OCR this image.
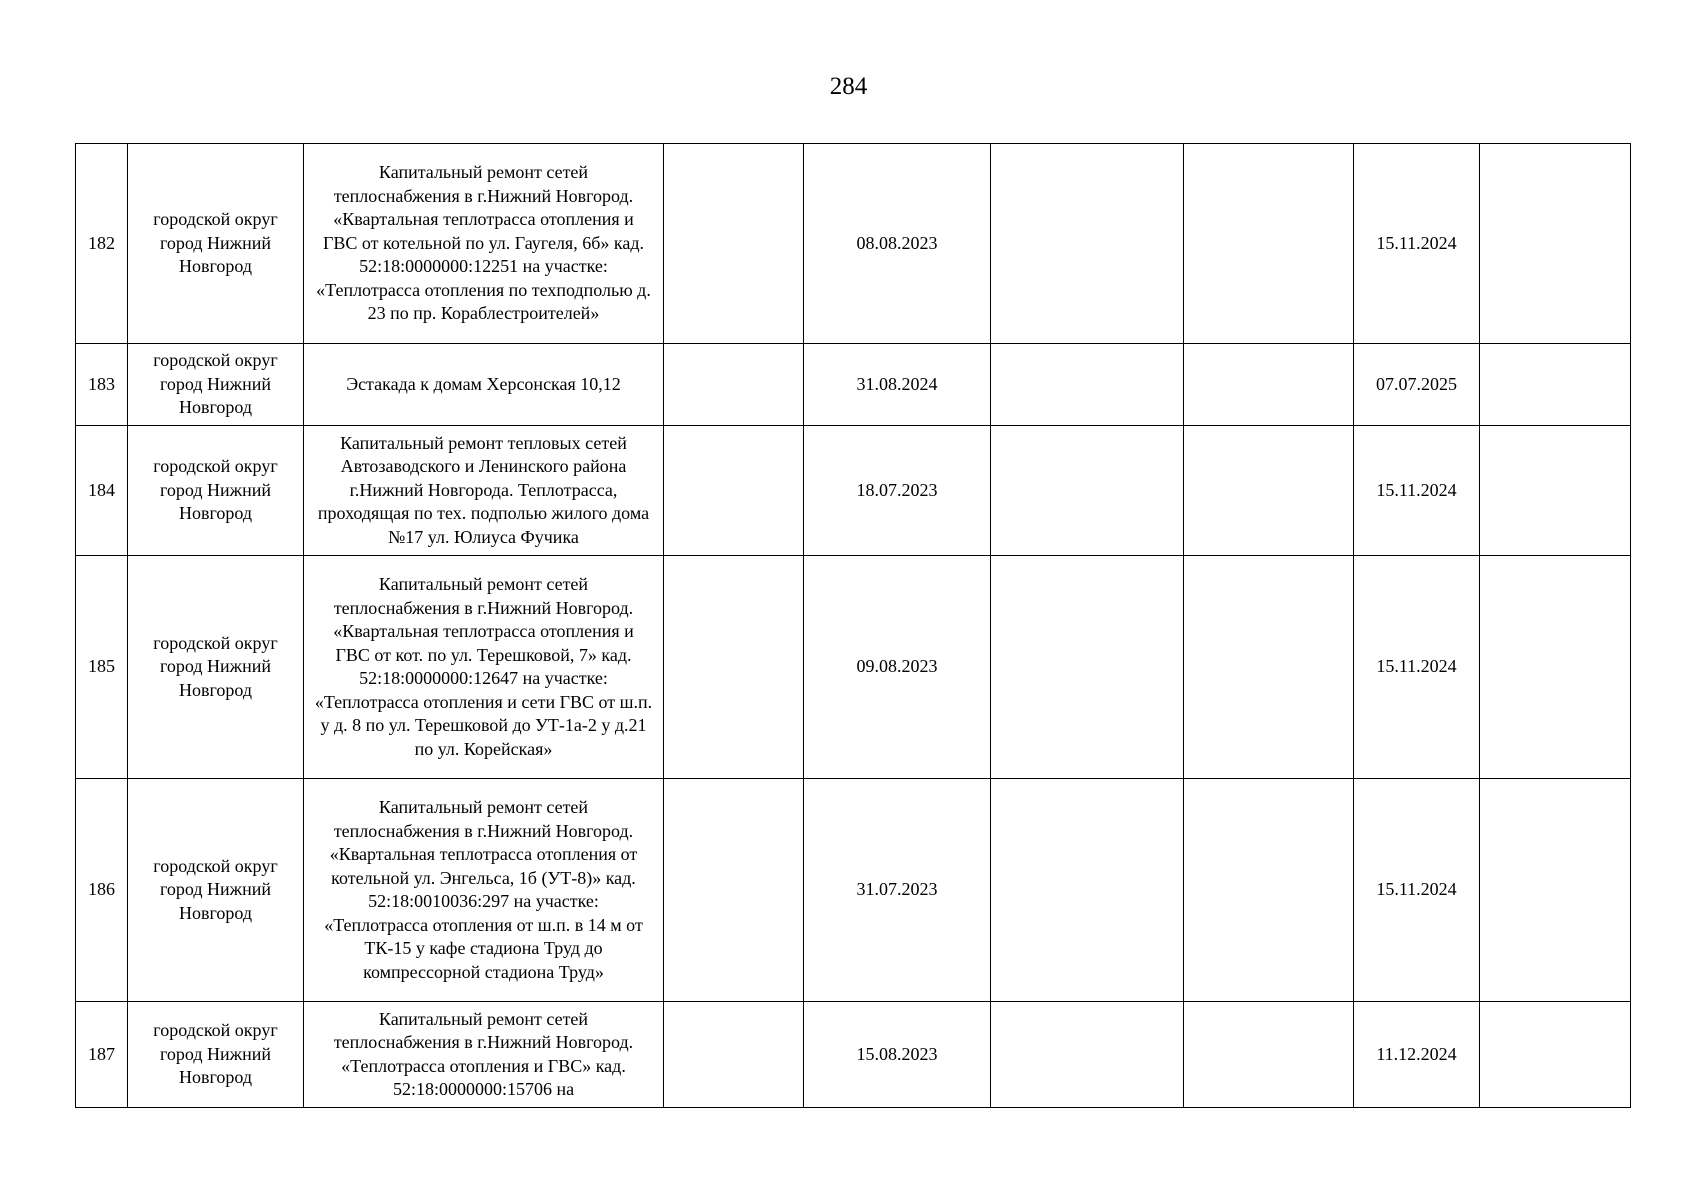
284
182	городской округ город Нижний Новгород	Капитальный ремонт сетей теплоснабжения в г.Нижний Новгород. «Квартальная теплотрасса отопления и ГВС от котельной по ул. Гаугеля, 6б» кад. 52:18:0000000:12251 на участке: «Теплотрасса отопления по техподполью д. 23 по пр. Кораблестроителей»		08.08.2023			15.11.2024	
183	городской округ город Нижний Новгород	Эстакада к домам Херсонская 10,12		31.08.2024			07.07.2025	
184	городской округ город Нижний Новгород	Капитальный ремонт тепловых сетей Автозаводского и Ленинского района г.Нижний Новгорода. Теплотрасса, проходящая по тех. подполью жилого дома №17 ул. Юлиуса Фучика		18.07.2023			15.11.2024	
185	городской округ город Нижний Новгород	Капитальный ремонт сетей теплоснабжения в г.Нижний Новгород. «Квартальная теплотрасса отопления и ГВС от кот. по ул. Терешковой, 7» кад. 52:18:0000000:12647 на участке: «Теплотрасса отопления и сети ГВС от ш.п. у д. 8 по ул. Терешковой до УТ-1а-2 у д.21 по ул. Корейская»		09.08.2023			15.11.2024	
186	городской округ город Нижний Новгород	Капитальный ремонт сетей теплоснабжения в г.Нижний Новгород. «Квартальная теплотрасса отопления от котельной ул. Энгельса, 1б (УТ-8)» кад. 52:18:0010036:297 на участке: «Теплотрасса отопления от ш.п. в 14 м от ТК-15 у кафе стадиона Труд до компрессорной стадиона Труд»		31.07.2023			15.11.2024	
187	городской округ город Нижний Новгород	Капитальный ремонт сетей теплоснабжения в г.Нижний Новгород. «Теплотрасса отопления и ГВС» кад. 52:18:0000000:15706 на		15.08.2023			11.12.2024	
